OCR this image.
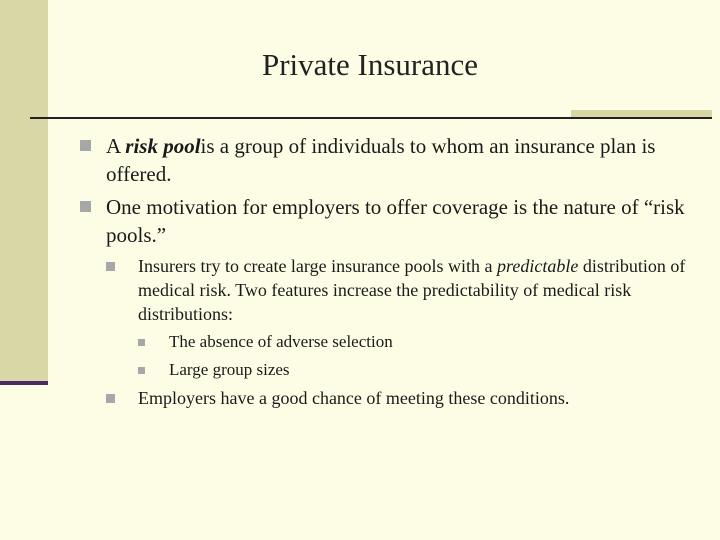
Private Insurance
A risk poolis a group of individuals to whom an insurance plan is offered.
One motivation for employers to offer coverage is the nature of “risk pools.”
Insurers try to create large insurance pools with a predictable distribution of medical risk. Two features increase the predictability of medical risk distributions:
The absence of adverse selection
Large group sizes
Employers have a good chance of meeting these conditions.
